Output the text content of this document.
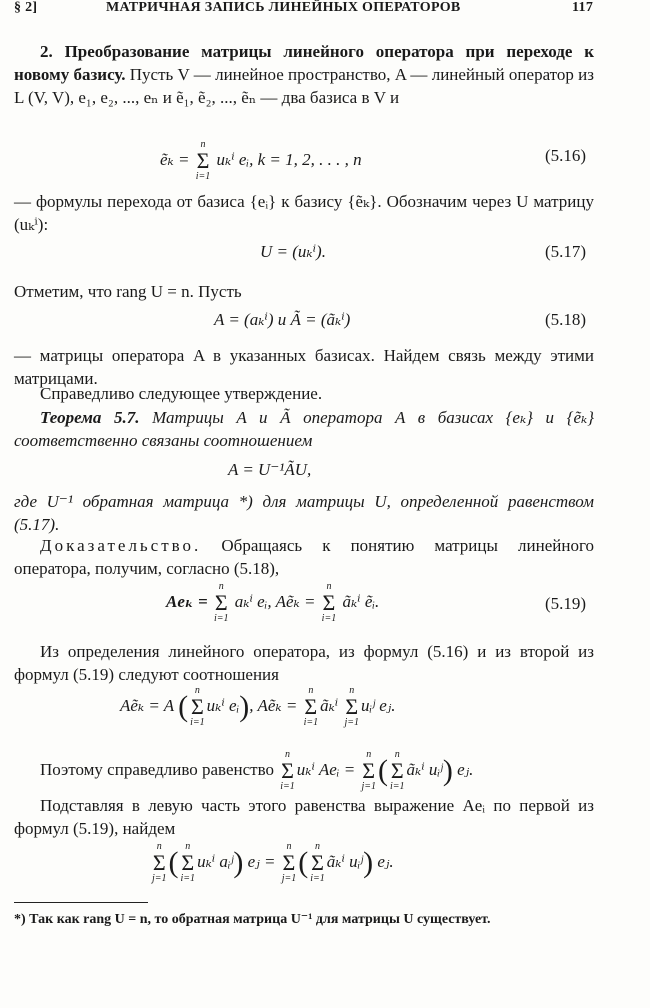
§ 2]	МАТРИЧНАЯ ЗАПИСЬ ЛИНЕЙНЫХ ОПЕРАТОРОВ	117
2. Преобразование матрицы линейного оператора при переходе к новому базису. Пусть V — линейное пространство, A — линейный оператор из L (V, V), e₁, e₂, ..., eₙ и ẽ₁, ẽ₂, ..., ẽₙ — два базиса в V и
ẽₖ =
n
Σ
i=1
uₖⁱ eᵢ, k = 1, 2, . . . , n	(5.16)
— формулы перехода от базиса {eᵢ} к базису {ẽₖ}. Обозначим через U матрицу (uₖⁱ):
U = (uₖⁱ).	(5.17)
Отметим, что rang U = n. Пусть
A = (aₖⁱ) и Ã = (ãₖⁱ)	(5.18)
— матрицы оператора A в указанных базисах. Найдем связь между этими матрицами.
Справедливо следующее утверждение.
Теорема 5.7. Матрицы A и Ã оператора A в базисах {eₖ} и {ẽₖ} соответственно связаны соотношением
A = U⁻¹ÃU,
где U⁻¹ обратная матрица *) для матрицы U, определенной равенством (5.17).
Доказательство. Обращаясь к понятию матрицы линейного оператора, получим, согласно (5.18),
Aeₖ =
n
Σ
i=1
aₖⁱ eᵢ, Aẽₖ =
n
Σ
i=1
ãₖⁱ ẽᵢ.	(5.19)
Из определения линейного оператора, из формул (5.16) и из второй из формул (5.19) следуют соотношения
Aẽₖ = A ( n
Σ
i=1
uₖⁱ eᵢ), Aẽₖ =
n
Σ
i=1
ãₖⁱ
n
Σ
j=1
uᵢʲ eⱼ.
Поэтому справедливо равенство
n
Σ
i=1
uₖⁱ Aeᵢ =
n
Σ
j=1 ( n
Σ
i=1
ãₖⁱ uᵢʲ) eⱼ.
Подставляя в левую часть этого равенства выражение Aeᵢ по первой из формул (5.19), найдем
n
Σ
j=1 ( n
Σ
i=1
uₖⁱ aᵢʲ) eⱼ =
n
Σ
j=1 ( n
Σ
i=1
ãₖⁱ uᵢʲ) eⱼ.
*) Так как rang U = n, то обратная матрица U⁻¹ для матрицы U существует.
